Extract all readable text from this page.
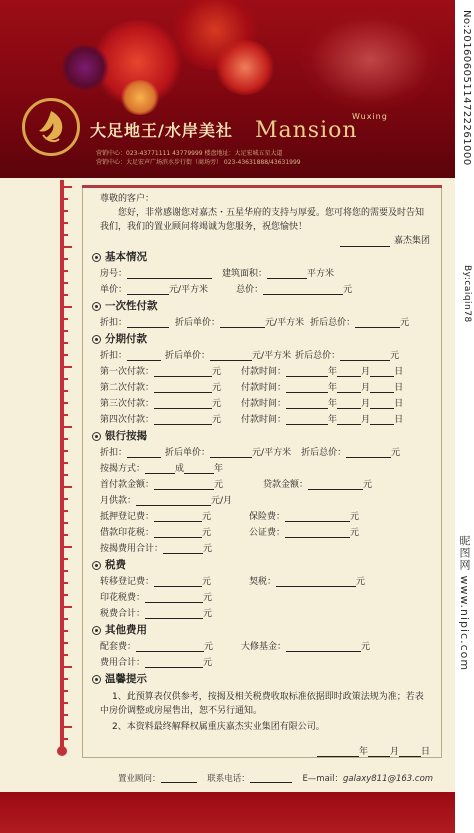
大足地王/水岸美社
Wuxing
Mansion
营销中心：023-43771111 43779999 楼盘地址：大足宏城五星大道
营销中心：大足宏声广场滨水步行街（商场旁） 023-43631888/43631999	No:20160605114722261000
By:caiqin78
昵图网 www.nipic.com
尊敬的客户：
您好，非常感谢您对嘉杰・五星华府的支持与厚爱。您可将您的需要及时告知我们，我们的置业顾问将竭诚为您服务，祝您愉快！
嘉杰集团
基本情况
房号：	建筑面积：	平方米
单价：	元/平方米	总价：	元
一次性付款
折扣：	折后单价：	元/平方米 折后总价：	元
分期付款
折扣：	折后单价：	元/平方米 折后总价：	元
第一次付款：	元 付款时间：	年	月	日
第二次付款：	元 付款时间：	年	月	日
第三次付款：	元 付款时间：	年	月	日
第四次付款：	元 付款时间：	年	月	日
银行按揭
折扣：	折后单价：	元/平方米 折后总价：	元
按揭方式：	成	年
首付款金额：	元	贷款金额：	元
月供款：	元/月
抵押登记费：	元	保险费：	元
借款印花税：	元	公证费：	元
按揭费用合计：	元
税费
转移登记费：	元	契税：	元
印花税费：	元
税费合计：	元
其他费用
配套费：	元	大修基金：	元
费用合计：	元
温馨提示
1、此预算表仅供参考，按揭及相关税费收取标准依据即时政策法规为准；若表中房价调整或房屋售出，恕不另行通知。
2、本资料最终解释权属重庆嘉杰实业集团有限公司。
年 月 日
置业顾问：	联系电话：	E—mail：galaxy811@163.com
